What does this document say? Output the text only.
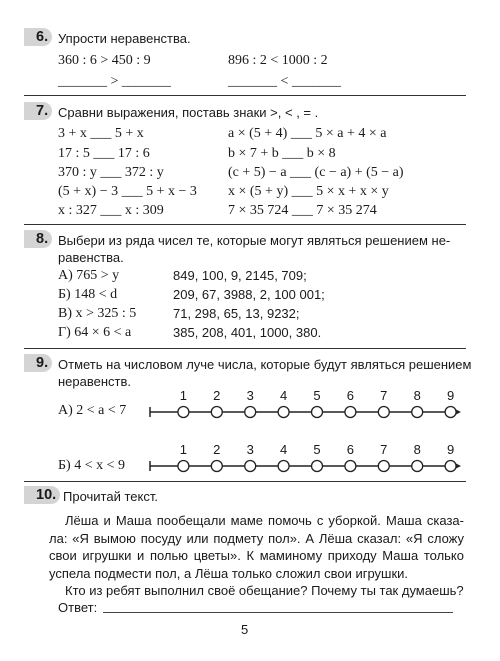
6. Упрости неравенства.
360 : 6 > 450 : 9
_______ > _______
896 : 2 < 1000 : 2
_______ < _______
7. Сравни выражения, поставь знаки >, < , = .
3 + x ___ 5 + x
17 : 5 ___ 17 : 6
370 : y ___ 372 : y
(5 + x) − 3 ___ 5 + x − 3
x : 327 ___ x : 309
a × (5 + 4) ___ 5 × a + 4 × a
b × 7 + b ___ b × 8
(c + 5) − a ___ (c − a) + (5 − a)
x × (5 + y) ___ 5 × x + x × y
7 × 35 724 ___ 7 × 35 274
8. Выбери из ряда чисел те, которые могут являться решением не-
равенства.
А) 765 > y
Б) 148 < d
В) x > 325 : 5
Г) 64 × 6 < a
849, 100, 9, 2145, 709;
209, 67, 3988, 2, 100 001;
71, 298, 65, 13, 9232;
385, 208, 401, 1000, 380.
9. Отметь на числовом луче числа, которые будут являться решением
неравенств.
А) 2 < a < 7
Б) 4 < x < 9
1 2 3 4 5 6 7 8 9
1 2 3 4 5 6 7 8 9
10. Прочитай текст.

Лёша и Маша пообещали маме помочь с уборкой. Маша сказа-ла: «Я вымою посуду или подмету пол». А Лёша сказал: «Я сложу свои игрушки и полью цветы». К маминому приходу Маша только успела подмести пол, а Лёша только сложил свои игрушки.

Кто из ребят выполнил своё обещание? Почему ты так думаешь?

Ответ:
5
